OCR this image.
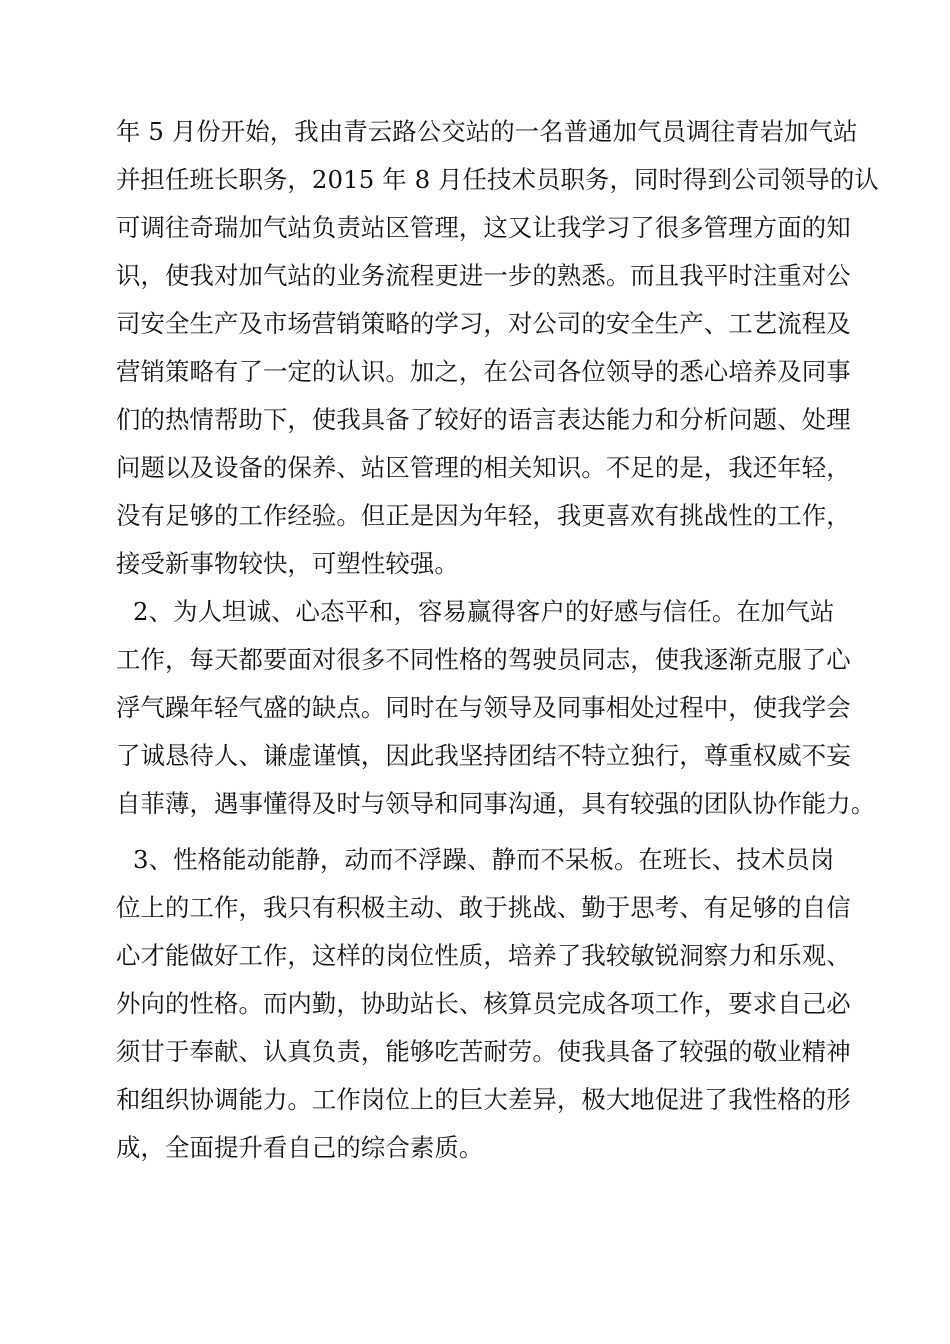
年 5 月份开始，我由青云路公交站的一名普通加气员调往青岩加气站

并担任班长职务，2015 年 8 月任技术员职务，同时得到公司领导的认

可调往奇瑞加气站负责站区管理，这又让我学习了很多管理方面的知

识，使我对加气站的业务流程更进一步的熟悉。而且我平时注重对公

司安全生产及市场营销策略的学习，对公司的安全生产、工艺流程及

营销策略有了一定的认识。加之，在公司各位领导的悉心培养及同事

们的热情帮助下，使我具备了较好的语言表达能力和分析问题、处理

问题以及设备的保养、站区管理的相关知识。不足的是，我还年轻，

没有足够的工作经验。但正是因为年轻，我更喜欢有挑战性的工作，

接受新事物较快，可塑性较强。

2、为人坦诚、心态平和，容易赢得客户的好感与信任。在加气站

工作，每天都要面对很多不同性格的驾驶员同志，使我逐渐克服了心

浮气躁年轻气盛的缺点。同时在与领导及同事相处过程中，使我学会

了诚恳待人、谦虚谨慎，因此我坚持团结不特立独行，尊重权威不妄

自菲薄，遇事懂得及时与领导和同事沟通，具有较强的团队协作能力。

3、性格能动能静，动而不浮躁、静而不呆板。在班长、技术员岗

位上的工作，我只有积极主动、敢于挑战、勤于思考、有足够的自信

心才能做好工作，这样的岗位性质，培养了我较敏锐洞察力和乐观、

外向的性格。而内勤，协助站长、核算员完成各项工作，要求自己必

须甘于奉献、认真负责，能够吃苦耐劳。使我具备了较强的敬业精神

和组织协调能力。工作岗位上的巨大差异，极大地促进了我性格的形

成，全面提升看自己的综合素质。
